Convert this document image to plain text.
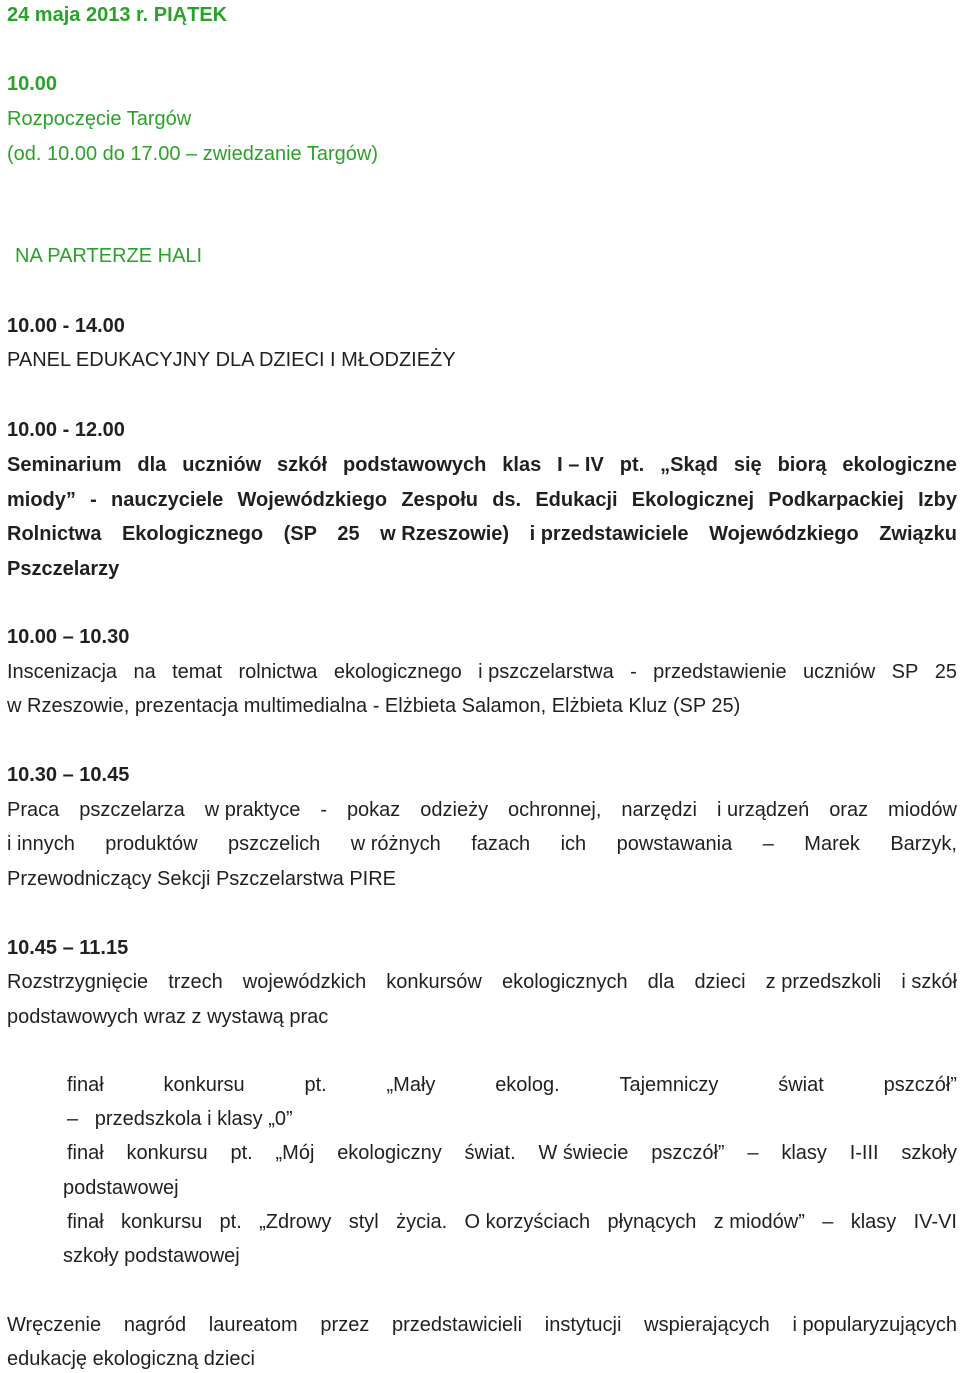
24 maja 2013 r. PIĄTEK
10.00
Rozpoczęcie Targów
(od. 10.00 do 17.00 – zwiedzanie Targów)
NA PARTERZE HALI
10.00 - 14.00
PANEL EDUKACYJNY DLA DZIECI I MŁODZIEŻY
10.00 - 12.00
Seminarium dla uczniów szkół podstawowych klas I – IV pt. „Skąd się biorą ekologiczne
miody” - nauczyciele Wojewódzkiego Zespołu ds. Edukacji Ekologicznej Podkarpackiej Izby
Rolnictwa Ekologicznego (SP 25 w Rzeszowie) i przedstawiciele Wojewódzkiego Związku
Pszczelarzy
10.00 – 10.30
Inscenizacja na temat rolnictwa ekologicznego i pszczelarstwa - przedstawienie uczniów SP 25
w Rzeszowie, prezentacja multimedialna - Elżbieta Salamon, Elżbieta Kluz (SP 25)
10.30 – 10.45
Praca pszczelarza w praktyce - pokaz odzieży ochronnej, narzędzi i urządzeń oraz miodów
i innych produktów pszczelich w różnych fazach ich powstawania – Marek Barzyk,
Przewodniczący Sekcji Pszczelarstwa PIRE
10.45 – 11.15
Rozstrzygnięcie trzech wojewódzkich konkursów ekologicznych dla dzieci z przedszkoli i szkół
podstawowych wraz z wystawą prac
finał	konkursu	pt.	„Mały	ekolog.	Tajemniczy	świat	pszczół”
–   przedszkola i klasy „0”
finał konkursu pt. „Mój ekologiczny świat. W świecie pszczół” – klasy I-III szkoły
podstawowej
finał konkursu pt. „Zdrowy styl życia. O korzyściach płynących z miodów” – klasy IV-VI
szkoły podstawowej
Wręczenie nagród laureatom przez przedstawicieli instytucji wspierających i popularyzujących
edukację ekologiczną dzieci
